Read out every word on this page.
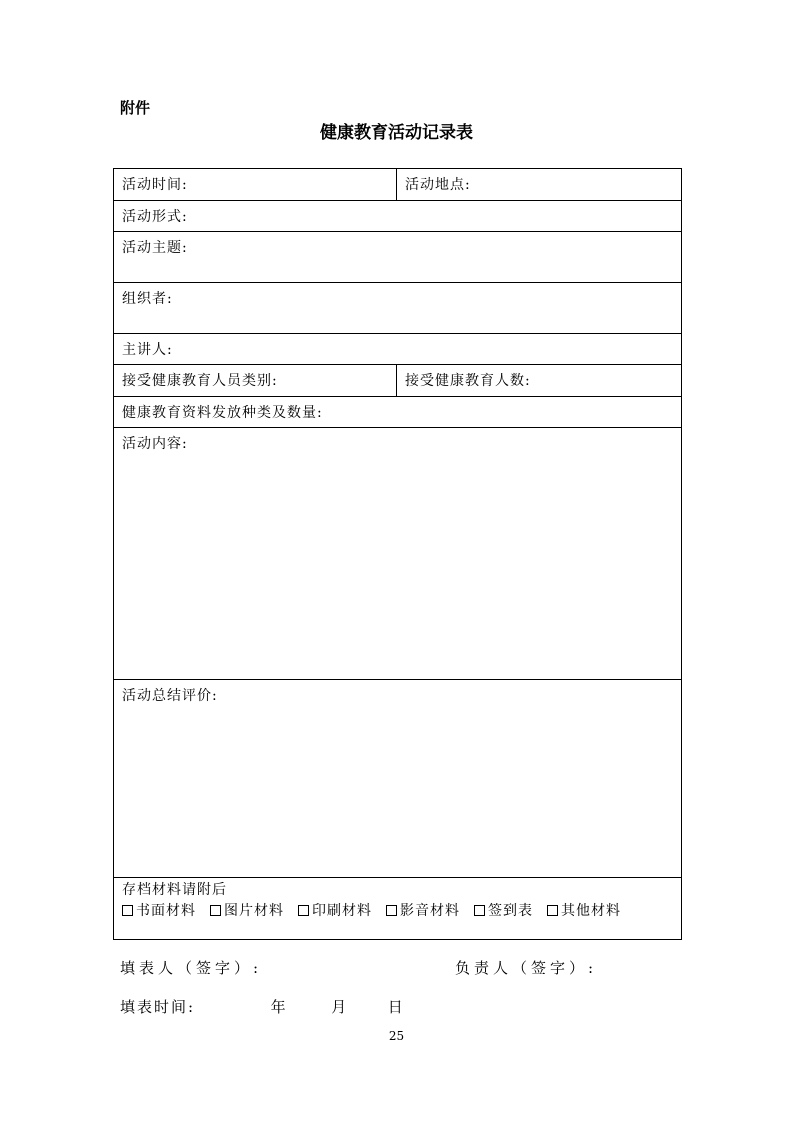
附件
健康教育活动记录表
活动时间:	活动地点:
活动形式:
活动主题:
组织者:
主讲人:
接受健康教育人员类别:	接受健康教育人数:
健康教育资料发放种类及数量:
活动内容:
活动总结评价:
存档材料请附后
书面材料 图片材料 印刷材料 影音材料 签到表 其他材料
填表人（签字）:	负责人（签字）:
填表时间:	年	月	日
25
